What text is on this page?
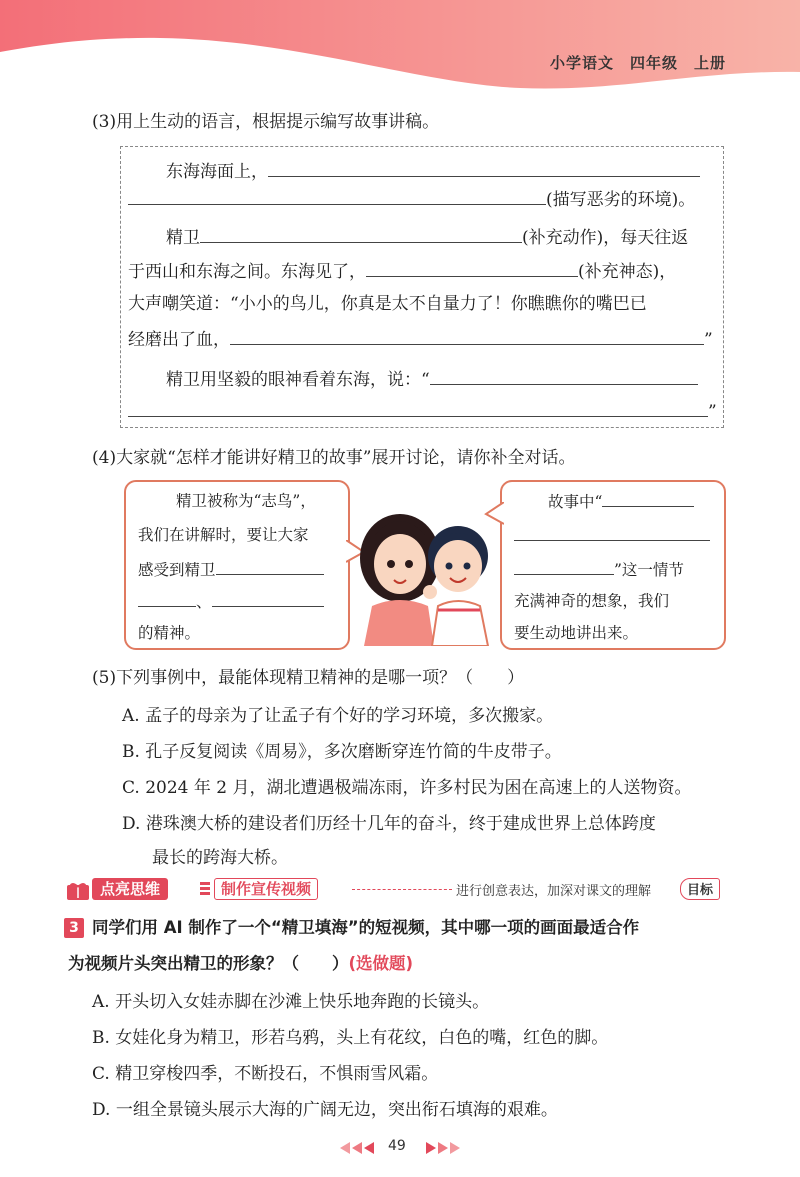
小学语文　四年级　上册
(3)用上生动的语言，根据提示编写故事讲稿。
东海海面上，
(描写恶劣的环境)。
精卫	(补充动作)，每天往返
于西山和东海之间。东海见了，	(补充神态)，
大声嘲笑道：“小小的鸟儿，你真是太不自量力了！你瞧瞧你的嘴巴已
经磨出了血，	”
精卫用坚毅的眼神看着东海，说：“
”
(4)大家就“怎样才能讲好精卫的故事”展开讨论，请你补全对话。
精卫被称为“志鸟”，
我们在讲解时，要让大家
感受到精卫
、
的精神。
故事中“
”这一情节
充满神奇的想象，我们
要生动地讲出来。
(5)下列事例中，最能体现精卫精神的是哪一项？（　　）
A. 孟子的母亲为了让孟子有个好的学习环境，多次搬家。
B. 孔子反复阅读《周易》，多次磨断穿连竹简的牛皮带子。
C. 2024 年 2 月，湖北遭遇极端冻雨，许多村民为困在高速上的人送物资。
D. 港珠澳大桥的建设者们历经十几年的奋斗，终于建成世界上总体跨度
最长的跨海大桥。
点亮思维	制作宣传视频	进行创意表达，加深对课文的理解	目标
3 同学们用 AI 制作了一个“精卫填海”的短视频，其中哪一项的画面最适合作
为视频片头突出精卫的形象？（　　）(选做题)
A. 开头切入女娃赤脚在沙滩上快乐地奔跑的长镜头。
B. 女娃化身为精卫，形若乌鸦，头上有花纹，白色的嘴，红色的脚。
C. 精卫穿梭四季，不断投石，不惧雨雪风霜。
D. 一组全景镜头展示大海的广阔无边，突出衔石填海的艰难。
49
